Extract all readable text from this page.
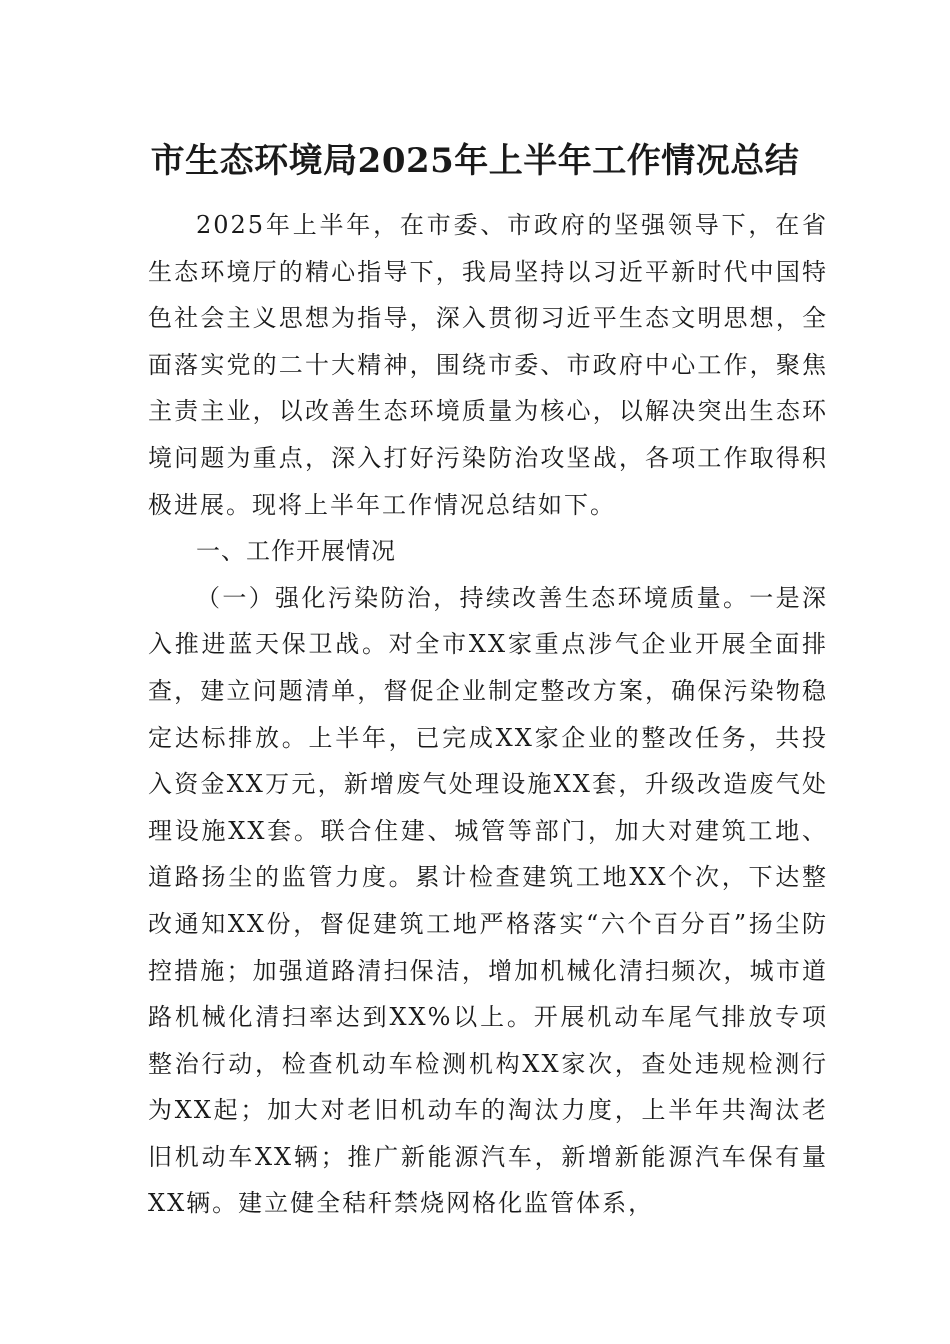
市生态环境局2025年上半年工作情况总结

2025年上半年，在市委、市政府的坚强领导下，在省生态环境厅的精心指导下，我局坚持以习近平新时代中国特色社会主义思想为指导，深入贯彻习近平生态文明思想，全面落实党的二十大精神，围绕市委、市政府中心工作，聚焦主责主业，以改善生态环境质量为核心，以解决突出生态环境问题为重点，深入打好污染防治攻坚战，各项工作取得积极进展。现将上半年工作情况总结如下。

一、工作开展情况

（一）强化污染防治，持续改善生态环境质量。一是深入推进蓝天保卫战。对全市XX家重点涉气企业开展全面排查，建立问题清单，督促企业制定整改方案，确保污染物稳定达标排放。上半年，已完成XX家企业的整改任务，共投入资金XX万元，新增废气处理设施XX套，升级改造废气处理设施XX套。联合住建、城管等部门，加大对建筑工地、道路扬尘的监管力度。累计检查建筑工地XX个次，下达整改通知XX份，督促建筑工地严格落实“六个百分百”扬尘防控措施；加强道路清扫保洁，增加机械化清扫频次，城市道路机械化清扫率达到XX%以上。开展机动车尾气排放专项整治行动，检查机动车检测机构XX家次，查处违规检测行为XX起；加大对老旧机动车的淘汰力度，上半年共淘汰老旧机动车XX辆；推广新能源汽车，新增新能源汽车保有量XX辆。建立健全秸秆禁烧网格化监管体系，
